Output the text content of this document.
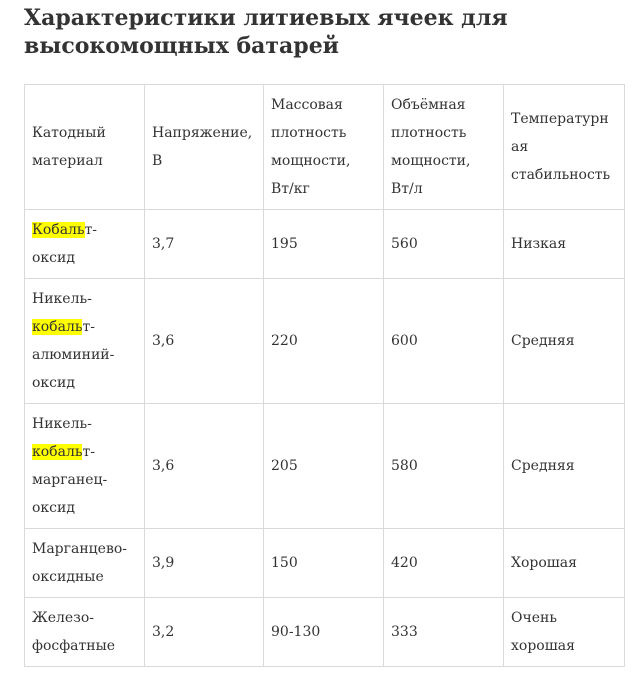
Характеристики литиевых ячеек для высокомощных батарей
Катодный материал	Напряжение, В	Массовая плотность мощности, Вт/кг	Объёмная плотность мощности, Вт/л	Температурная стабильность
Кобальт-оксид	3,7	195	560	Низкая
Никель-кобальт-алюминий-оксид	3,6	220	600	Средняя
Никель-кобальт-марганец-оксид	3,6	205	580	Средняя
Марганцево-оксидные	3,9	150	420	Хорошая
Железо-фосфатные	3,2	90-130	333	Очень хорошая
